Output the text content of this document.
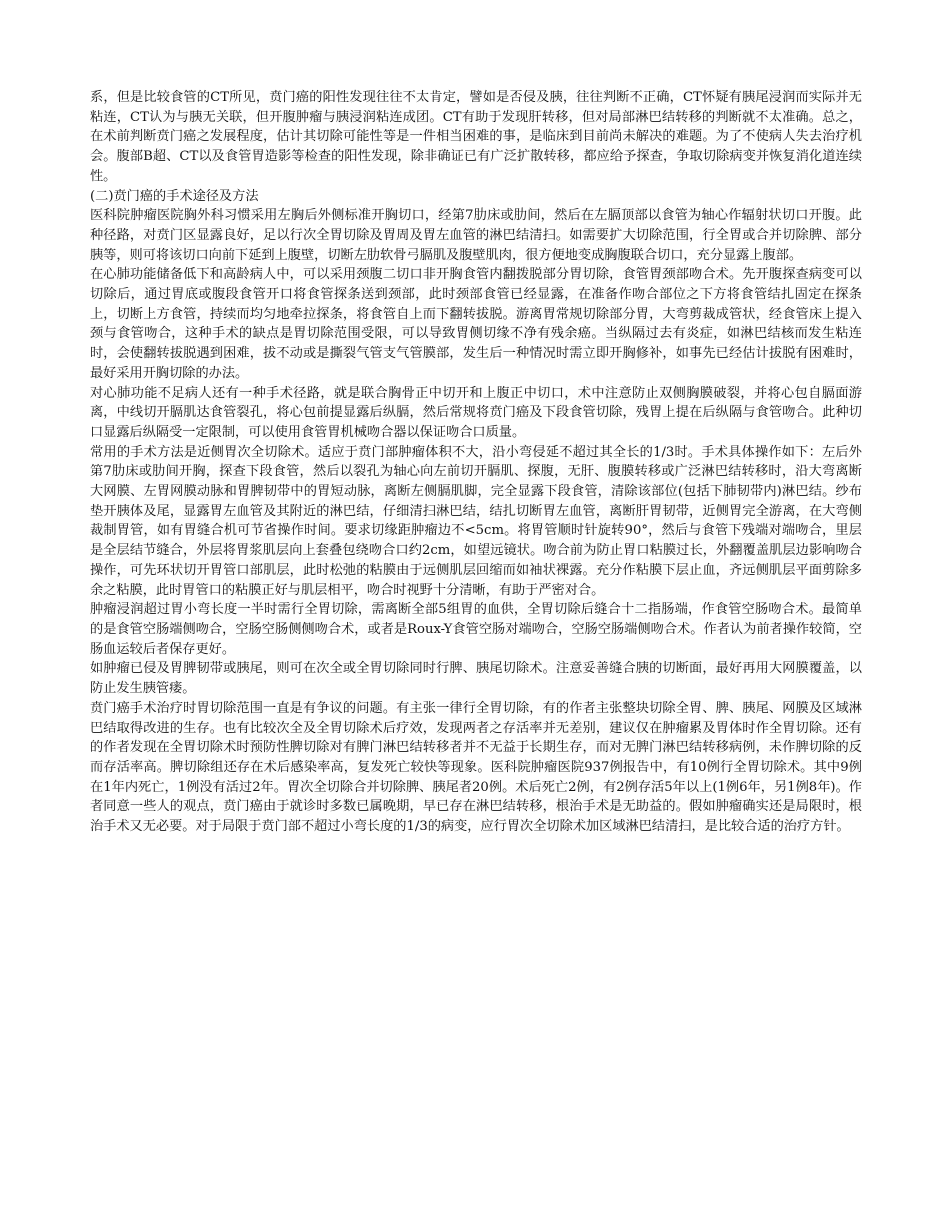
系，但是比较食管的CT所见，贲门癌的阳性发现往往不太肯定，譬如是否侵及胰，往往判断不正确，CT怀疑有胰尾浸润而实际并无粘连，CT认为与胰无关联，但开腹肿瘤与胰浸润粘连成团。CT有助于发现肝转移，但对局部淋巴结转移的判断就不太准确。总之，在术前判断贲门癌之发展程度，估计其切除可能性等是一件相当困难的事，是临床到目前尚未解决的难题。为了不使病人失去治疗机会。腹部B超、CT以及食管胃造影等检查的阳性发现，除非确证已有广泛扩散转移，都应给予探查，争取切除病变并恢复消化道连续性。

(二)贲门癌的手术途径及方法

医科院肿瘤医院胸外科习惯采用左胸后外侧标准开胸切口，经第7肋床或肋间，然后在左膈顶部以食管为轴心作辐射状切口开腹。此种径路，对贲门区显露良好，足以行次全胃切除及胃周及胃左血管的淋巴结清扫。如需要扩大切除范围，行全胃或合并切除脾、部分胰等，则可将该切口向前下延到上腹壁，切断左肋软骨弓膈肌及腹壁肌肉，很方便地变成胸腹联合切口，充分显露上腹部。

在心肺功能储备低下和高龄病人中，可以采用颈腹二切口非开胸食管内翻拨脱部分胃切除，食管胃颈部吻合术。先开腹探查病变可以切除后，通过胃底或腹段食管开口将食管探条送到颈部，此时颈部食管已经显露，在准备作吻合部位之下方将食管结扎固定在探条上，切断上方食管，持续而均匀地牵拉探条，将食管自上而下翻转拔脱。游离胃常规切除部分胃，大弯剪裁成管状，经食管床上提入颈与食管吻合，这种手术的缺点是胃切除范围受限，可以导致胃侧切缘不净有残余癌。当纵隔过去有炎症，如淋巴结核而发生粘连时，会使翻转拔脱遇到困难，拔不动或是撕裂气管支气管膜部，发生后一种情况时需立即开胸修补，如事先已经估计拔脱有困难时，最好采用开胸切除的办法。

对心肺功能不足病人还有一种手术径路，就是联合胸骨正中切开和上腹正中切口，术中注意防止双侧胸膜破裂，并将心包自膈面游离，中线切开膈肌达食管裂孔，将心包前提显露后纵膈，然后常规将贲门癌及下段食管切除，残胃上提在后纵隔与食管吻合。此种切口显露后纵隔受一定限制，可以使用食管胃机械吻合器以保证吻合口质量。

常用的手术方法是近侧胃次全切除术。适应于贲门部肿瘤体积不大，沿小弯侵延不超过其全长的1/3时。手术具体操作如下：左后外第7肋床或肋间开胸，探查下段食管，然后以裂孔为轴心向左前切开膈肌、探腹，无肝、腹膜转移或广泛淋巴结转移时，沿大弯离断大网膜、左胃网膜动脉和胃脾韧带中的胃短动脉，离断左侧膈肌脚，完全显露下段食管，清除该部位(包括下肺韧带内)淋巴结。纱布垫开胰体及尾，显露胃左血管及其附近的淋巴结，仔细清扫淋巴结，结扎切断胃左血管，离断肝胃韧带，近侧胃完全游离，在大弯侧裁制胃管，如有胃缝合机可节省操作时间。要求切缘距肿瘤边不<5cm。将胃管顺时针旋转90°，然后与食管下残端对端吻合，里层是全层结节缝合，外层将胃浆肌层向上套叠包绕吻合口约2cm，如望远镜状。吻合前为防止胃口粘膜过长，外翻覆盖肌层边影响吻合操作，可先环状切开胃管口部肌层，此时松弛的粘膜由于远侧肌层回缩而如袖状裸露。充分作粘膜下层止血，齐远侧肌层平面剪除多余之粘膜，此时胃管口的粘膜正好与肌层相平，吻合时视野十分清晰，有助于严密对合。

肿瘤浸润超过胃小弯长度一半时需行全胃切除，需离断全部5组胃的血供，全胃切除后缝合十二指肠端，作食管空肠吻合术。最简单的是食管空肠端侧吻合，空肠空肠侧侧吻合术，或者是Roux-Y食管空肠对端吻合，空肠空肠端侧吻合术。作者认为前者操作较简，空肠血运较后者保存更好。

如肿瘤已侵及胃脾韧带或胰尾，则可在次全或全胃切除同时行脾、胰尾切除术。注意妥善缝合胰的切断面，最好再用大网膜覆盖，以防止发生胰管瘘。

贲门癌手术治疗时胃切除范围一直是有争议的问题。有主张一律行全胃切除，有的作者主张整块切除全胃、脾、胰尾、网膜及区域淋巴结取得改进的生存。也有比较次全及全胃切除术后疗效，发现两者之存活率并无差别，建议仅在肿瘤累及胃体时作全胃切除。还有的作者发现在全胃切除术时预防性脾切除对有脾门淋巴结转移者并不无益于长期生存，而对无脾门淋巴结转移病例，未作脾切除的反而存活率高。脾切除组还存在术后感染率高，复发死亡较快等现象。医科院肿瘤医院937例报告中，有10例行全胃切除术。其中9例在1年内死亡，1例没有活过2年。胃次全切除合并切除脾、胰尾者20例。术后死亡2例，有2例存活5年以上(1例6年，另1例8年)。作者同意一些人的观点，贲门癌由于就诊时多数已属晚期，早已存在淋巴结转移，根治手术是无助益的。假如肿瘤确实还是局限时，根治手术又无必要。对于局限于贲门部不超过小弯长度的1/3的病变，应行胃次全切除术加区域淋巴结清扫，是比较合适的治疗方针。
